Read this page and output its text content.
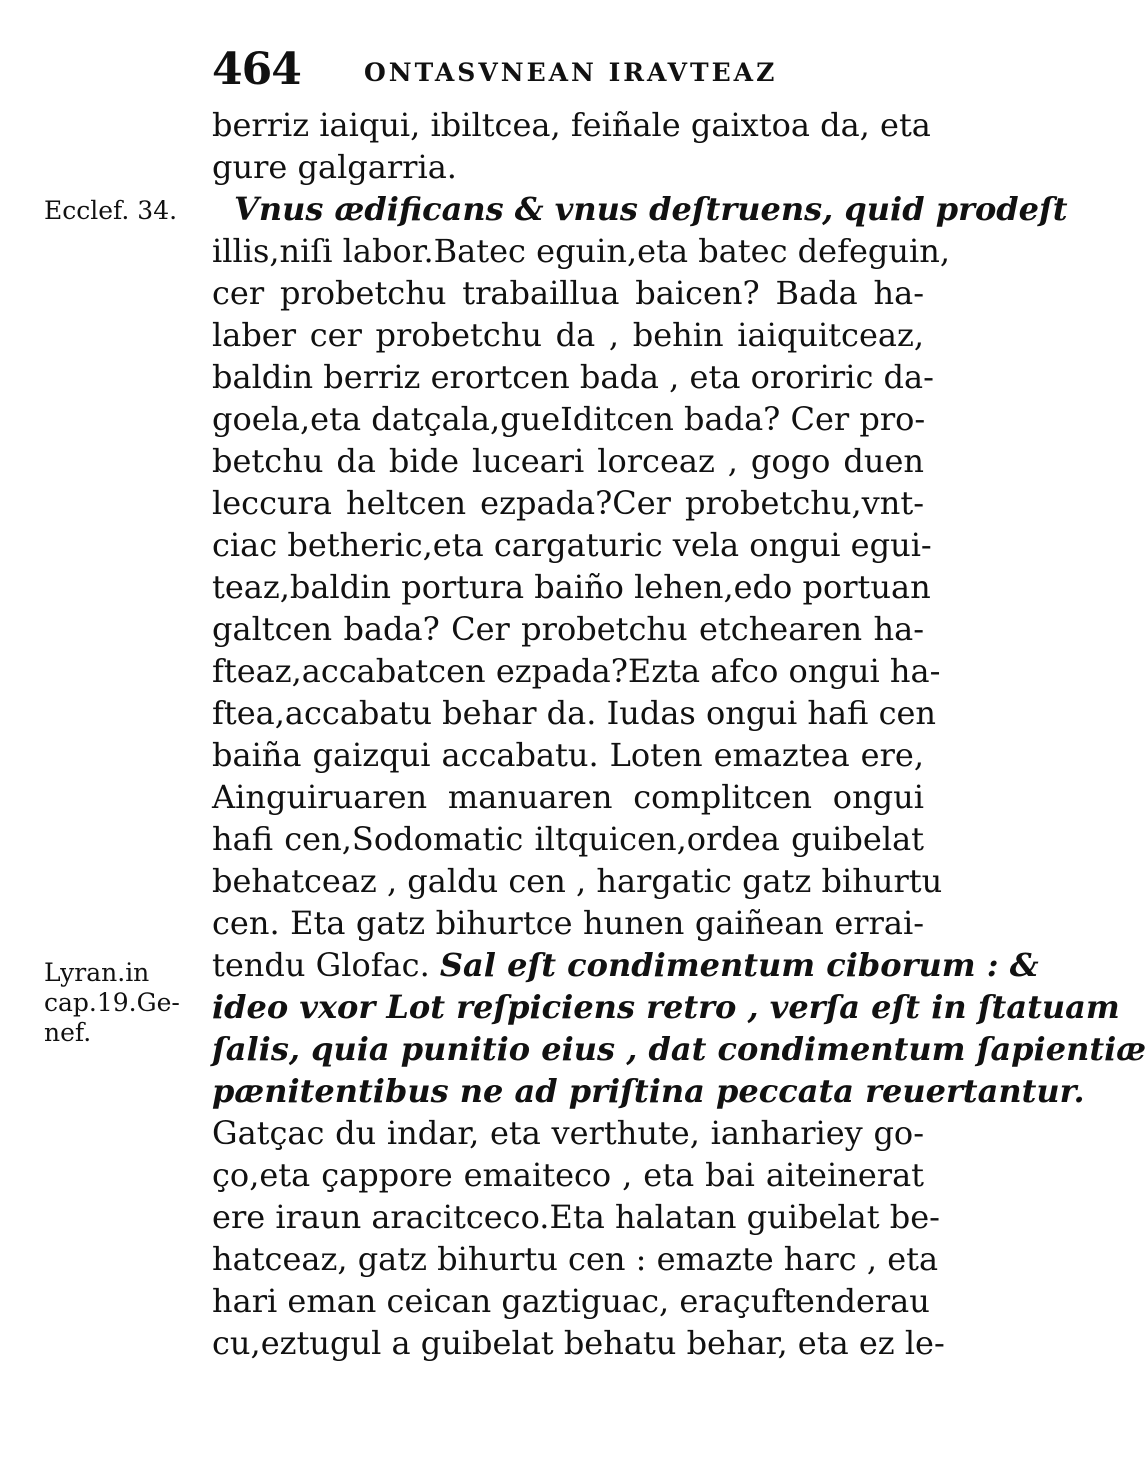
464	ONTASVNEAN IRAVTEAZ
Ecclef. 34.
Lyran.in
cap.19.Ge-
nef.
berriz iaiqui, ibiltcea, feiñale gaixtoa da, eta
gure galgarria.
Vnus ædificans & vnus deſtruens, quid prodeſt
illis,niſi labor.Batec eguin,eta batec defeguin,
cer probetchu trabaillua baicen? Bada ha-
laber cer probetchu da , behin iaiquitceaz,
baldin berriz erortcen bada , eta ororiric da-
goela,eta datçala,gueIditcen bada? Cer pro-
betchu da bide luceari lorceaz , gogo duen
leccura heltcen ezpada?Cer probetchu,vnt-
ciac betheric,eta cargaturic vela ongui egui-
teaz,baldin portura baiño lehen,edo portuan
galtcen bada? Cer probetchu etchearen ha-
fteaz,accabatcen ezpada?Ezta afco ongui ha-
ftea,accabatu behar da. Iudas ongui hafi cen
baiña gaizqui accabatu. Loten emaztea ere,
Ainguiruaren manuaren complitcen ongui
hafi cen,Sodomatic iltquicen,ordea guibelat
behatceaz , galdu cen , hargatic gatz bihurtu
cen. Eta gatz bihurtce hunen gaiñean errai-
tendu Glofac. Sal eſt condimentum ciborum : &
ideo vxor Lot reſpiciens retro , verſa eſt in ſtatuam
ſalis, quia punitio eius , dat condimentum ſapientiæ
pænitentibus ne ad priſtina peccata reuertantur.
Gatçac du indar, eta verthute, ianhariey go-
ço,eta çappore emaiteco , eta bai aiteinerat
ere iraun aracitceco.Eta halatan guibelat be-
hatceaz, gatz bihurtu cen : emazte harc , eta
hari eman ceican gaztiguac, eraçuftenderau
cu,eztugul a guibelat behatu behar, eta ez le-
